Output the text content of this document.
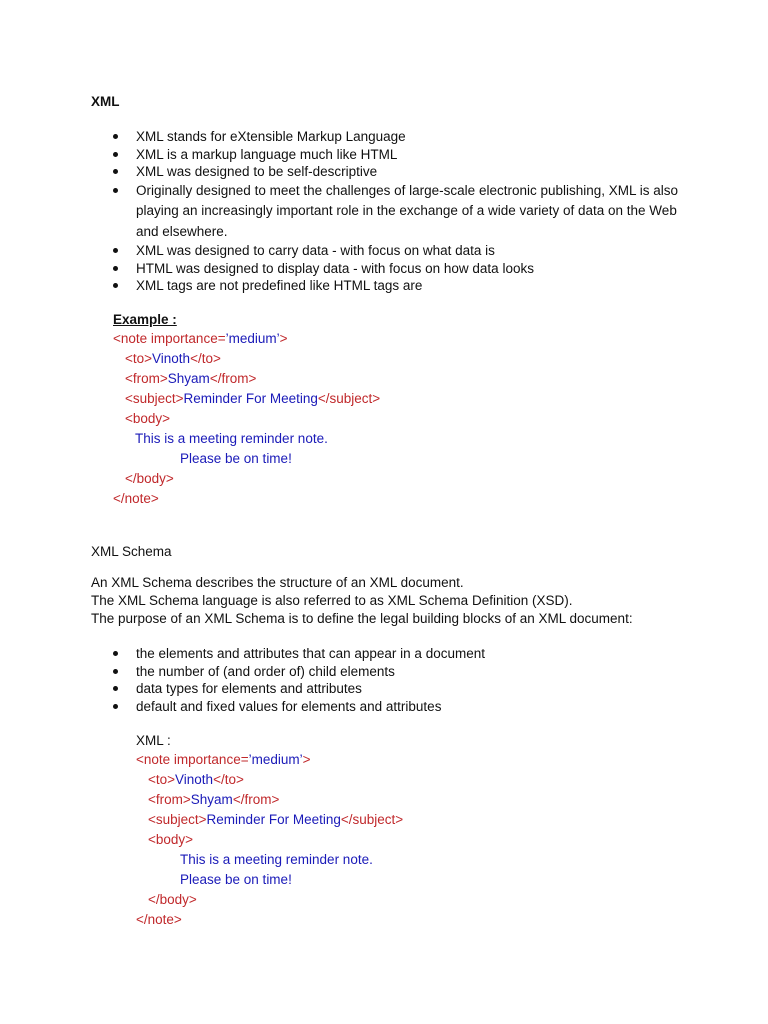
XML
XML stands for eXtensible Markup Language
XML is a markup language much like HTML
XML was designed to be self-descriptive
Originally designed to meet the challenges of large-scale electronic publishing, XML is also playing an increasingly important role in the exchange of a wide variety of data on the Web and elsewhere.
XML was designed to carry data - with focus on what data is
HTML was designed to display data - with focus on how data looks
XML tags are not predefined like HTML tags are
Example :
<note importance=’medium’>
<to>Vinoth</to>
<from>Shyam</from>
<subject>Reminder For Meeting</subject>
<body>
This is a meeting reminder note.
Please be on time!
</body>
</note>
XML Schema

An XML Schema describes the structure of an XML document.

The XML Schema language is also referred to as XML Schema Definition (XSD).

The purpose of an XML Schema is to define the legal building blocks of an XML document:

the elements and attributes that can appear in a document
the number of (and order of) child elements
data types for elements and attributes
default and fixed values for elements and attributes
XML :
<note importance=’medium’>
<to>Vinoth</to>
<from>Shyam</from>
<subject>Reminder For Meeting</subject>
<body>
This is a meeting reminder note.
Please be on time!
</body>
</note>
